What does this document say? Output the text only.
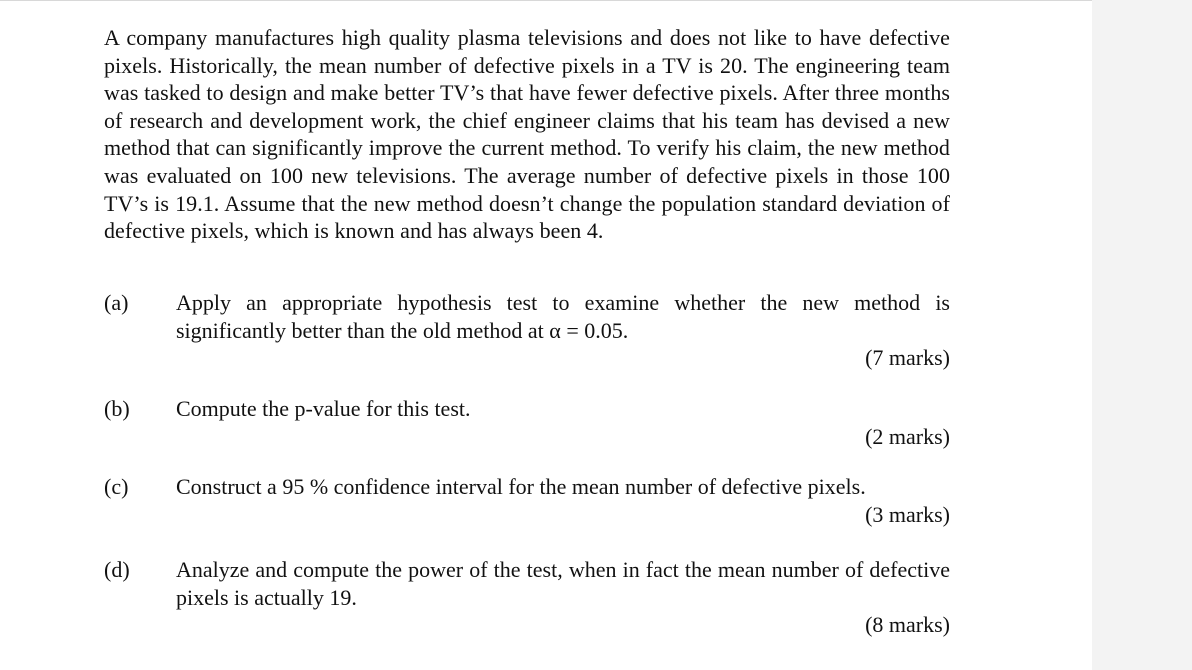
A company manufactures high quality plasma televisions and does not like to have defective pixels. Historically, the mean number of defective pixels in a TV is 20. The engineering team was tasked to design and make better TV’s that have fewer defective pixels. After three months of research and development work, the chief engineer claims that his team has devised a new method that can significantly improve the current method. To verify his claim, the new method was evaluated on 100 new televisions. The average number of defective pixels in those 100 TV’s is 19.1. Assume that the new method doesn’t change the population standard deviation of defective pixels, which is known and has always been 4.

(a) Apply an appropriate hypothesis test to examine whether the new method is significantly better than the old method at α = 0.05.
(7 marks)
(b) Compute the p-value for this test.
(2 marks)
(c) Construct a 95 % confidence interval for the mean number of defective pixels.
(3 marks)
(d) Analyze and compute the power of the test, when in fact the mean number of defective pixels is actually 19.
(8 marks)
